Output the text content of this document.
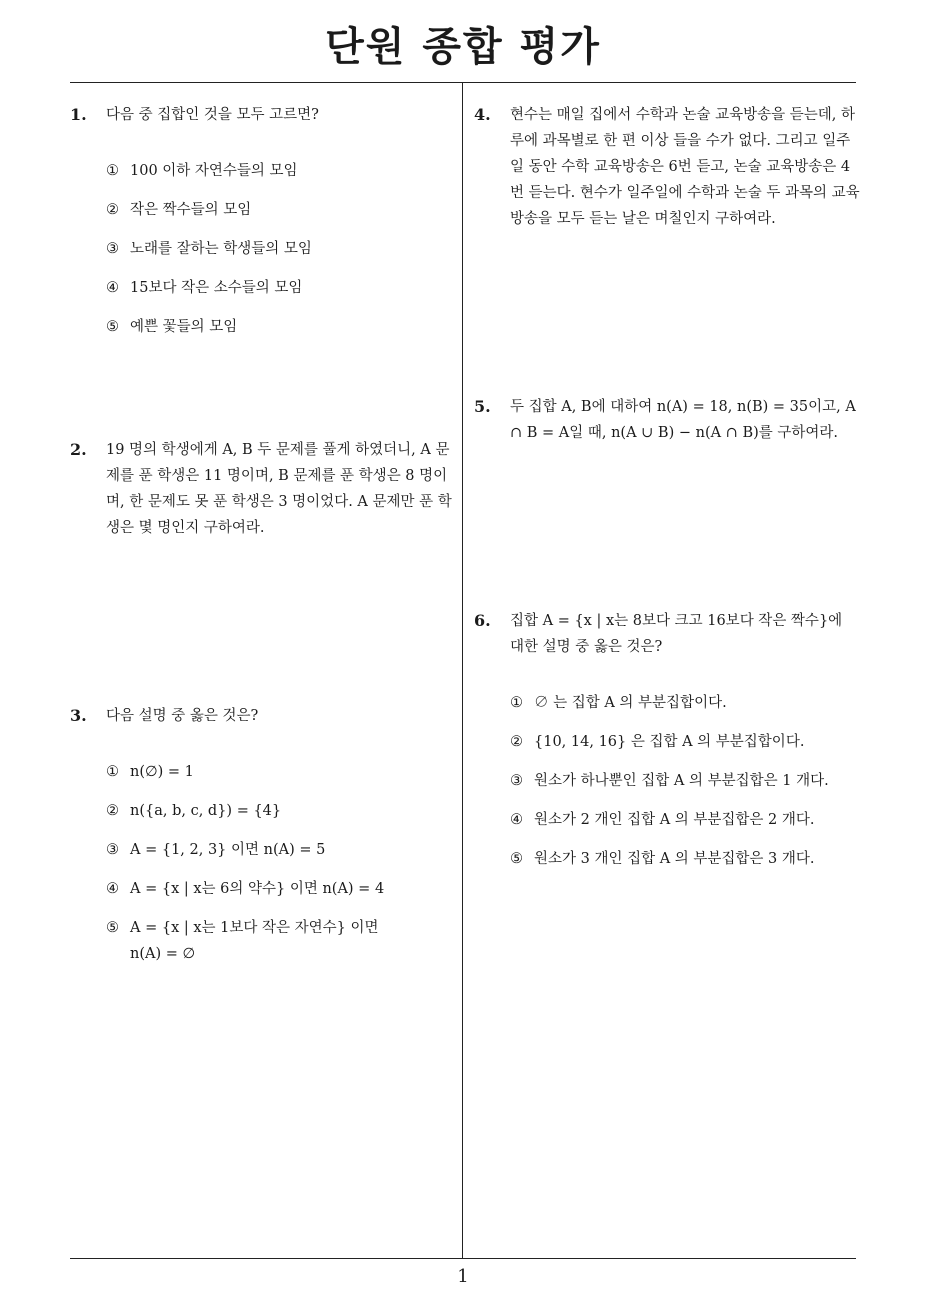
단원 종합 평가
1. 다음 중 집합인 것을 모두 고르면?
① 100 이하 자연수들의 모임
② 작은 짝수들의 모임
③ 노래를 잘하는 학생들의 모임
④ 15보다 작은 소수들의 모임
⑤ 예쁜 꽃들의 모임
2. 19 명의 학생에게 A, B 두 문제를 풀게 하였더니, A 문제를 푼 학생은 11 명이며, B 문제를 푼 학생은 8 명이며, 한 문제도 못 푼 학생은 3 명이었다. A 문제만 푼 학생은 몇 명인지 구하여라.
3. 다음 설명 중 옳은 것은?
① n(∅) = 1
② n({a, b, c, d}) = {4}
③ A = {1, 2, 3} 이면 n(A) = 5
④ A = {x | x는 6의 약수} 이면 n(A) = 4
⑤ A = {x | x는 1보다 작은 자연수} 이면 n(A) = ∅
4. 현수는 매일 집에서 수학과 논술 교육방송을 듣는데, 하루에 과목별로 한 편 이상 들을 수가 없다. 그리고 일주일 동안 수학 교육방송은 6번 듣고, 논술 교육방송은 4번 듣는다. 현수가 일주일에 수학과 논술 두 과목의 교육방송을 모두 듣는 날은 며칠인지 구하여라.
5. 두 집합 A, B에 대하여 n(A) = 18, n(B) = 35이고, A ∩ B = A일 때, n(A ∪ B) − n(A ∩ B)를 구하여라.
6. 집합 A = {x | x는 8보다 크고 16보다 작은 짝수}에 대한 설명 중 옳은 것은?
① ∅ 는 집합 A 의 부분집합이다.
② {10, 14, 16} 은 집합 A 의 부분집합이다.
③ 원소가 하나뿐인 집합 A 의 부분집합은 1 개다.
④ 원소가 2 개인 집합 A 의 부분집합은 2 개다.
⑤ 원소가 3 개인 집합 A 의 부분집합은 3 개다.
1
